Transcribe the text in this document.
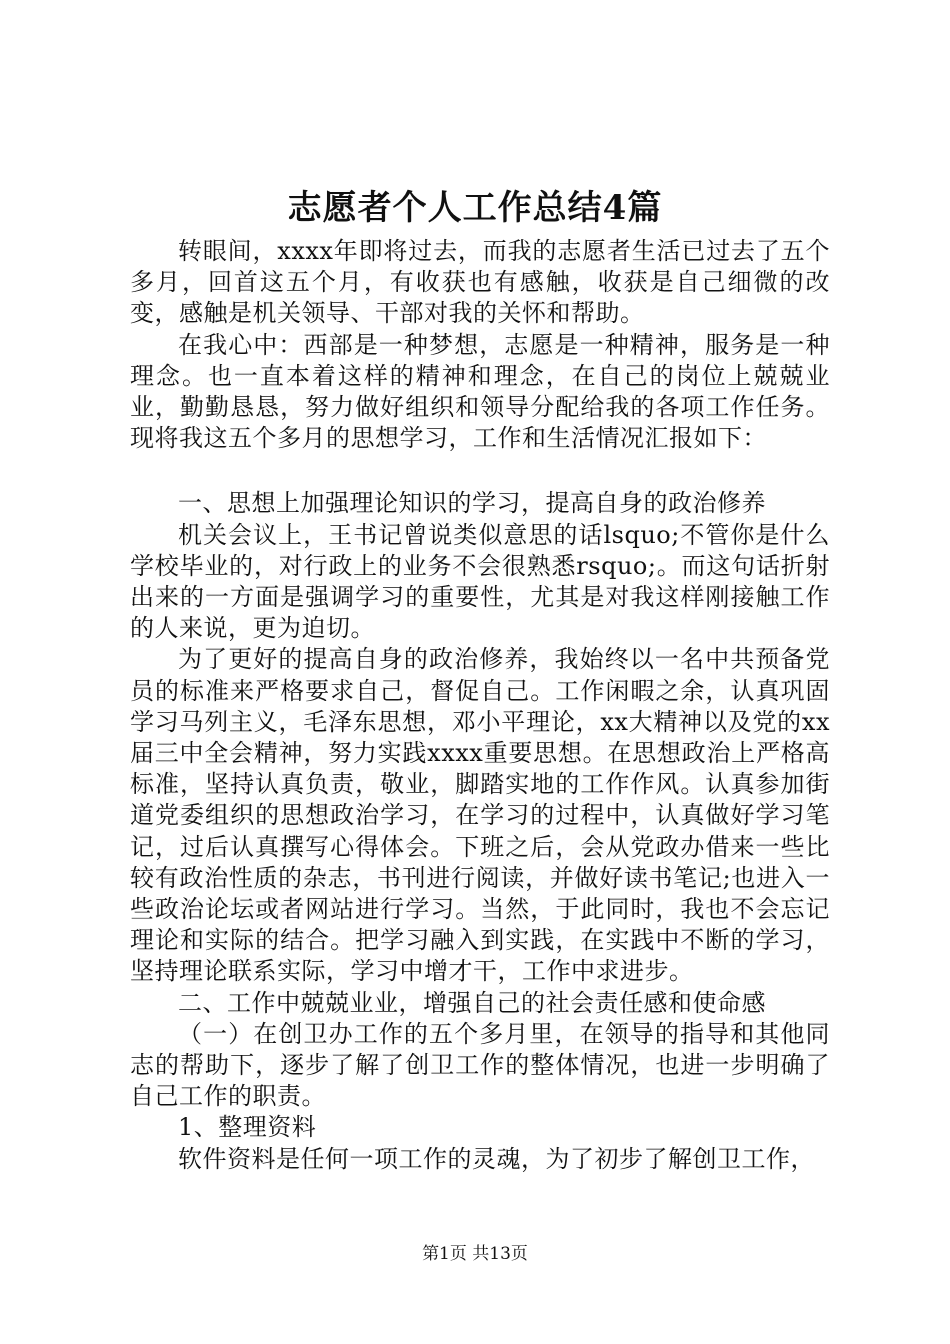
志愿者个人工作总结4篇

转眼间，xxxx年即将过去，而我的志愿者生活已过去了五个多月，回首这五个月，有收获也有感触，收获是自己细微的改变，感触是机关领导、干部对我的关怀和帮助。

在我心中：西部是一种梦想，志愿是一种精神，服务是一种理念。也一直本着这样的精神和理念，在自己的岗位上兢兢业业，勤勤恳恳，努力做好组织和领导分配给我的各项工作任务。现将我这五个多月的思想学习，工作和生活情况汇报如下：

一、思想上加强理论知识的学习，提高自身的政治修养

机关会议上，王书记曾说类似意思的话lsquo;不管你是什么学校毕业的，对行政上的业务不会很熟悉rsquo;。而这句话折射出来的一方面是强调学习的重要性，尤其是对我这样刚接触工作的人来说，更为迫切。

为了更好的提高自身的政治修养，我始终以一名中共预备党员的标准来严格要求自己，督促自己。工作闲暇之余，认真巩固学习马列主义，毛泽东思想，邓小平理论，xx大精神以及党的xx届三中全会精神，努力实践xxxx重要思想。在思想政治上严格高标准，坚持认真负责，敬业，脚踏实地的工作作风。认真参加街道党委组织的思想政治学习，在学习的过程中，认真做好学习笔记，过后认真撰写心得体会。下班之后，会从党政办借来一些比较有政治性质的杂志，书刊进行阅读，并做好读书笔记;也进入一些政治论坛或者网站进行学习。当然，于此同时，我也不会忘记理论和实际的结合。把学习融入到实践，在实践中不断的学习，坚持理论联系实际，学习中增才干，工作中求进步。

二、工作中兢兢业业，增强自己的社会责任感和使命感

（一）在创卫办工作的五个多月里，在领导的指导和其他同志的帮助下，逐步了解了创卫工作的整体情况，也进一步明确了自己工作的职责。

1、整理资料

软件资料是任何一项工作的灵魂，为了初步了解创卫工作，

第1页 共13页
